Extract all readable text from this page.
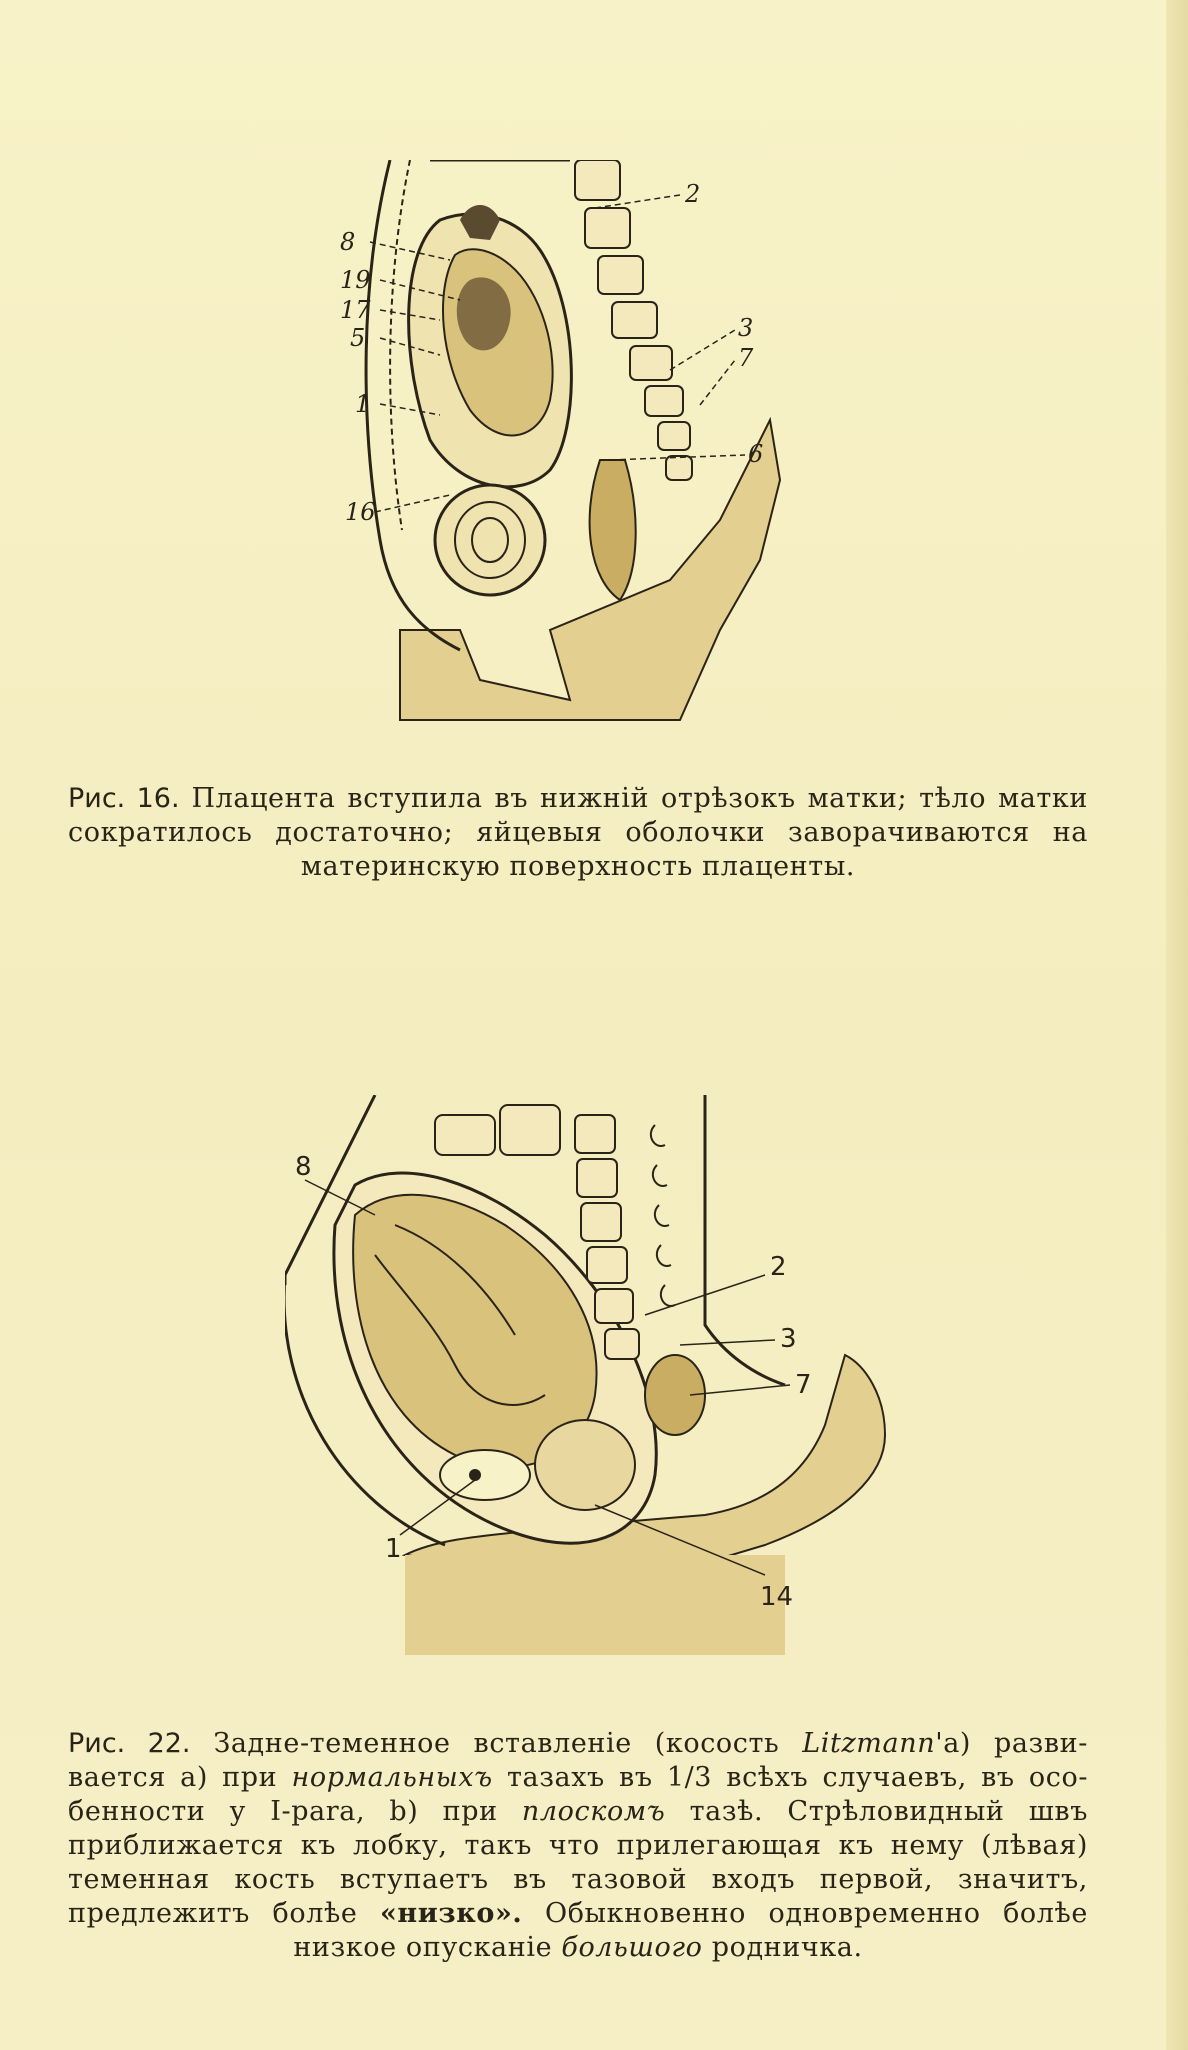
2
8
19
17
5	3
7
1
6
16
Рис. 16. Плацента вступила въ нижній отрѣзокъ матки; тѣло матки
сократилось достаточно; яйцевыя оболочки заворачиваются на
материнскую поверхность плаценты.
8
2
3
7
1
14
Рис. 22. Задне-теменное вставленіе (косость Litzmann'а) разви-
вается а) при нормальныхъ тазахъ въ 1/3 всѣхъ случаевъ, въ осо-
бенности у I-para, b) при плоскомъ тазѣ. Стрѣловидный швъ
приближается къ лобку, такъ что прилегающая къ нему (лѣвая)
теменная кость вступаетъ въ тазовой входъ первой, значитъ,
предлежитъ болѣе «низко». Обыкновенно одновременно болѣе
низкое опусканіе большого родничка.
